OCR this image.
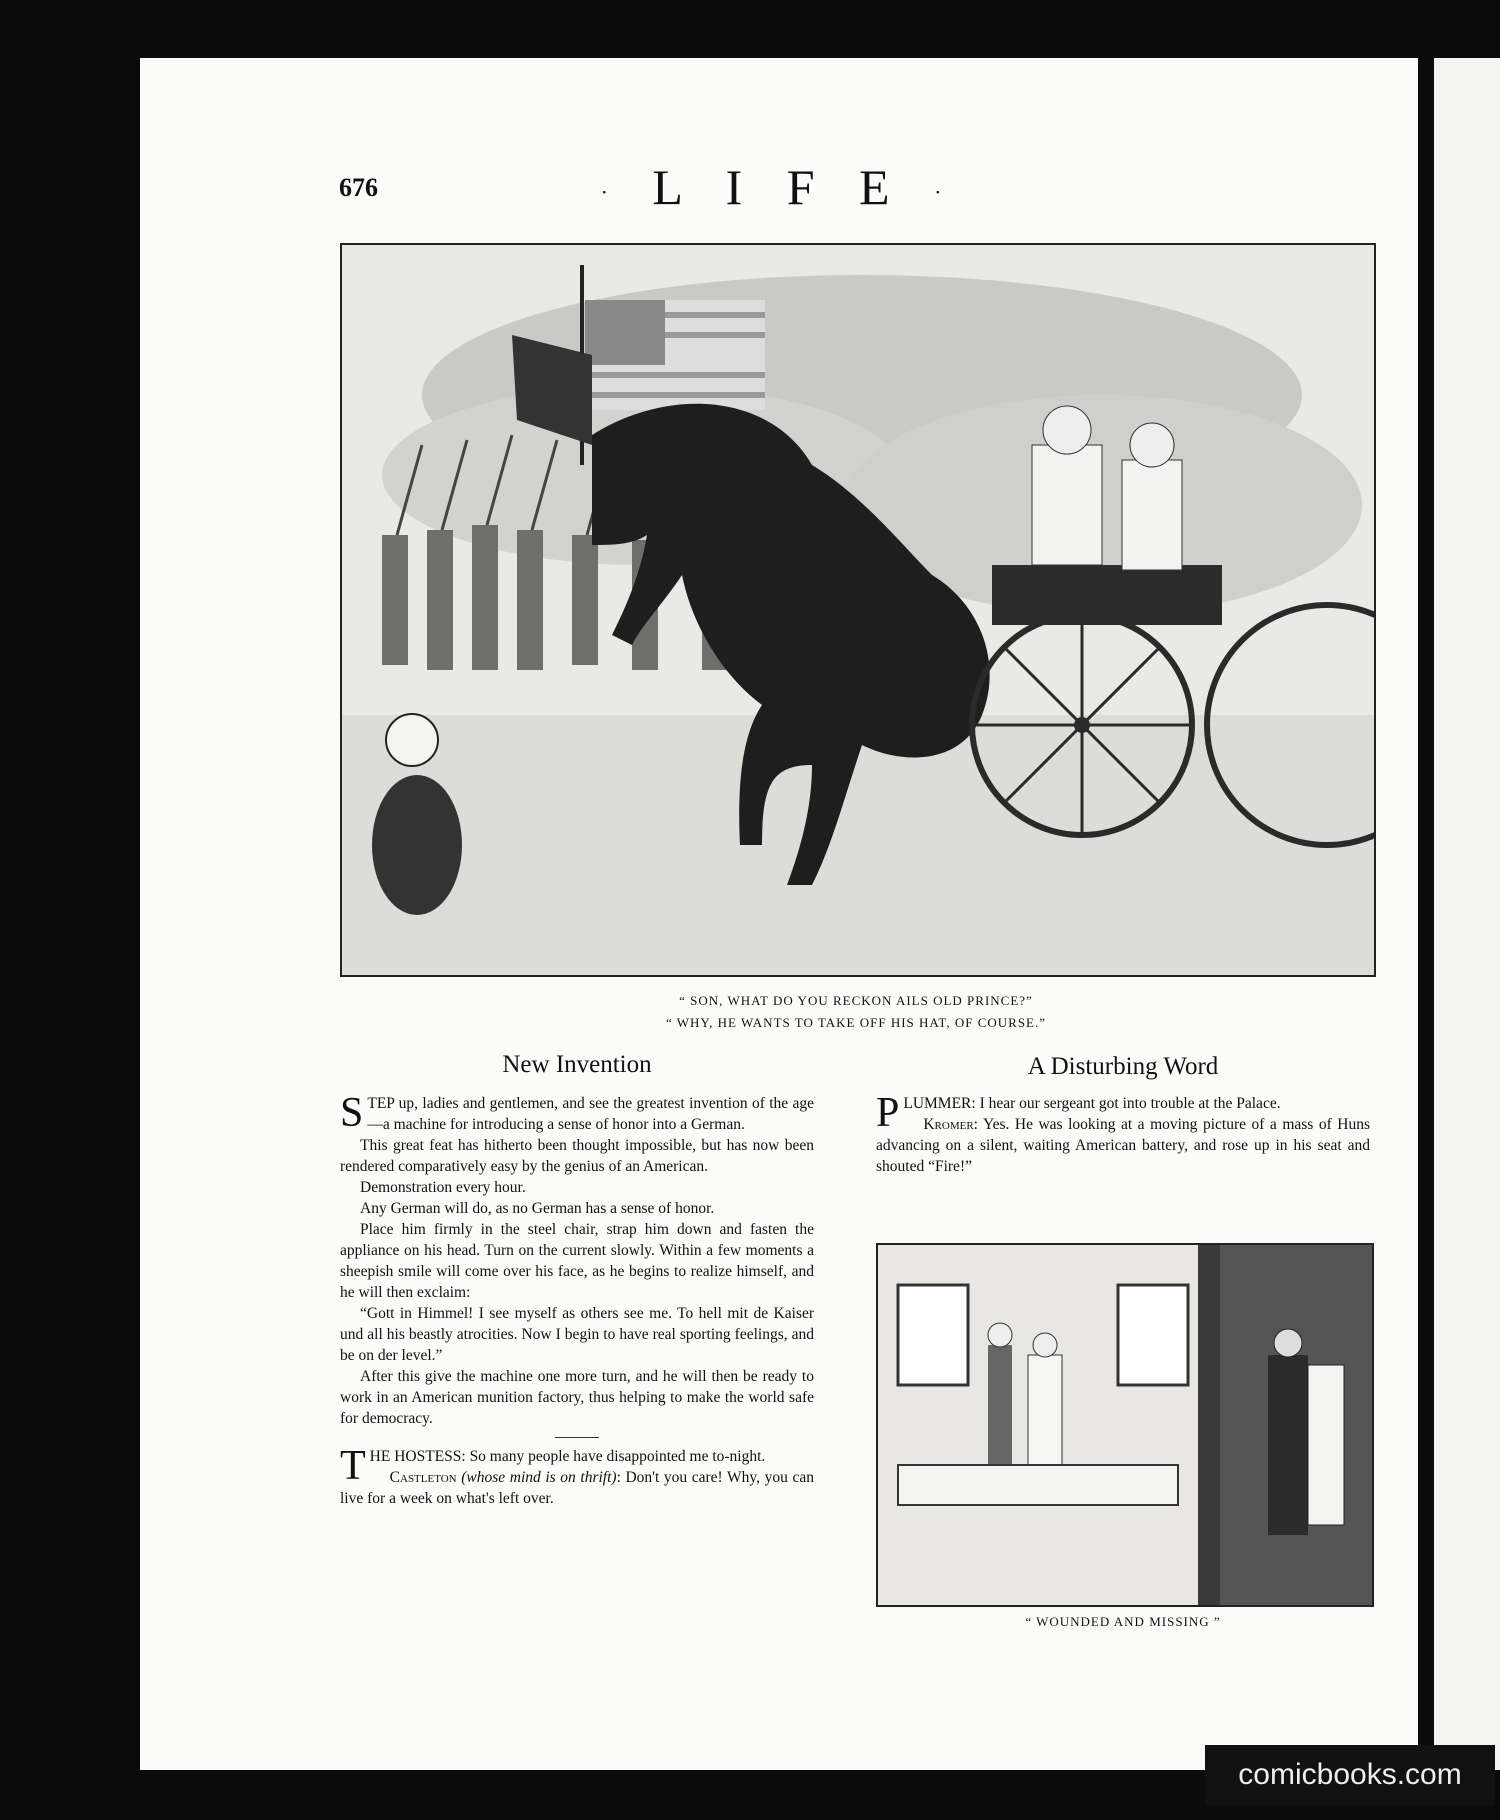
676	· L I F E ·
“ SON, WHAT DO YOU RECKON AILS OLD PRINCE?”
“ WHY, HE WANTS TO TAKE OFF HIS HAT, OF COURSE.”
New Invention

STEP up, ladies and gentlemen, and see the greatest invention of the age—a machine for introducing a sense of honor into a German.

This great feat has hitherto been thought impossible, but has now been rendered comparatively easy by the genius of an American.

Demonstration every hour.

Any German will do, as no German has a sense of honor.

Place him firmly in the steel chair, strap him down and fasten the appliance on his head. Turn on the current slowly. Within a few moments a sheepish smile will come over his face, as he begins to realize himself, and he will then exclaim:

“Gott in Himmel! I see myself as others see me. To hell mit de Kaiser und all his beastly atrocities. Now I begin to have real sporting feelings, and be on der level.”

After this give the machine one more turn, and he will then be ready to work in an American munition factory, thus helping to make the world safe for democracy.

THE HOSTESS: So many people have disappointed me to-night.

Castleton (whose mind is on thrift): Don't you care! Why, you can live for a week on what's left over.

A Disturbing Word

PLUMMER: I hear our sergeant got into trouble at the Palace.

Kromer: Yes. He was looking at a moving picture of a mass of Huns advancing on a silent, waiting American battery, and rose up in his seat and shouted “Fire!”

“ WOUNDED AND MISSING ”
comicbooks.com
